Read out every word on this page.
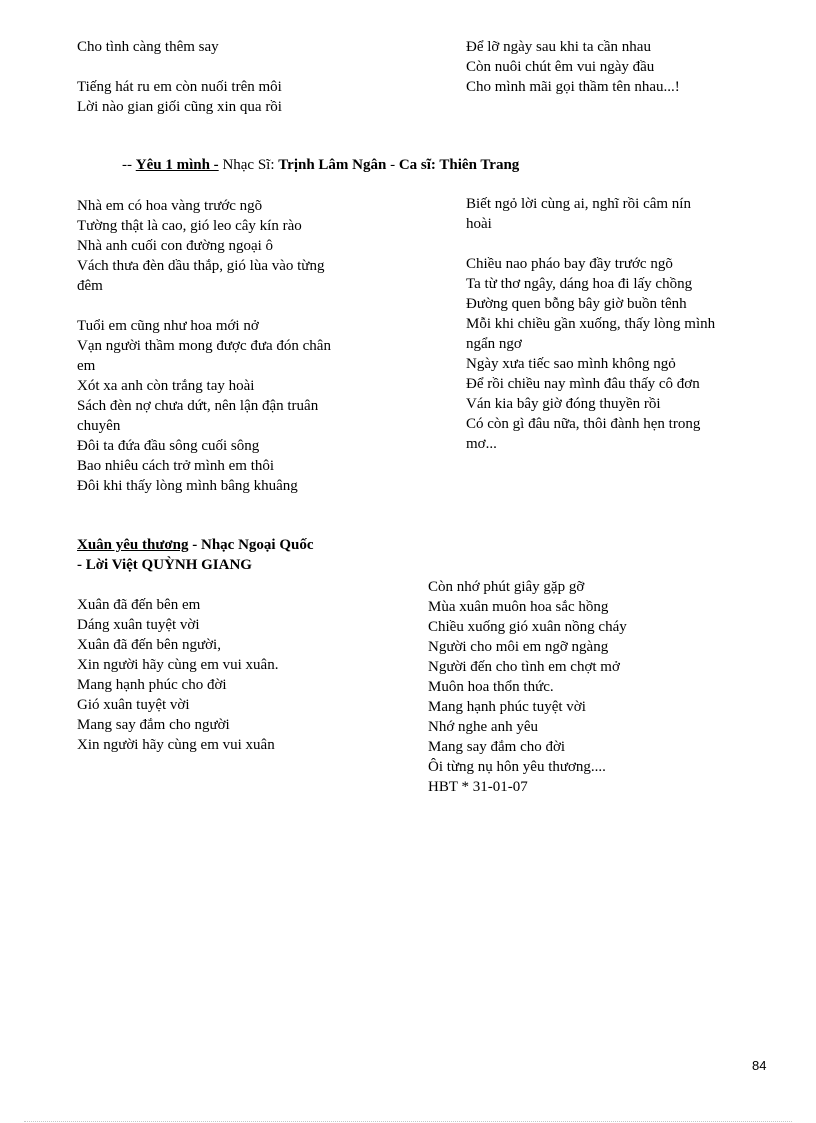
Cho tình càng thêm say

Tiếng hát ru em còn nuối trên môi
Lời nào gian giối cũng xin qua rồi
Để lỡ ngày sau khi ta cần nhau
Còn nuôi chút êm vui ngày đầu
Cho mình mãi gọi thầm tên nhau...!
-- Yêu 1 mình - Nhạc Sĩ: Trịnh Lâm Ngân - Ca sĩ: Thiên Trang
Nhà em có hoa vàng trước ngõ
Tường thật là cao, gió leo cây kín rào
Nhà anh cuối con đường ngoại ô
Vách thưa đèn dầu thắp, gió lùa vào từng
đêm

Tuổi em cũng như hoa mới nở
Vạn người thầm mong được đưa đón chân
em
Xót xa anh còn trắng tay hoài
Sách đèn nợ chưa dứt, nên lận đận truân
chuyên
Đôi ta đứa đầu sông cuối sông
Bao nhiêu cách trở mình em thôi
Đôi khi thấy lòng mình bâng khuâng
Biết ngỏ lời cùng ai, nghĩ rồi câm nín
hoài

Chiều nao pháo bay đầy trước ngõ
Ta từ thơ ngây, dáng hoa đi lấy chồng
Đường quen bỗng bây giờ buồn tênh
Mỗi khi chiều gần xuống, thấy lòng mình
ngẩn ngơ
Ngày xưa tiếc sao mình không ngỏ
Để rồi chiều nay mình đâu thấy cô đơn
Ván kia bây giờ đóng thuyền rồi
Có còn gì đâu nữa, thôi đành hẹn trong
mơ...
Xuân yêu thương - Nhạc Ngoại Quốc
- Lời Việt QUỲNH GIANG
Xuân đã đến bên em
Dáng xuân tuyệt vời
Xuân đã đến bên người,
Xin người hãy cùng em vui xuân.
Mang hạnh phúc cho đời
Gió xuân tuyệt vời
Mang say đắm cho người
Xin người hãy cùng em vui xuân
Còn nhớ phút giây gặp gỡ
Mùa xuân muôn hoa sắc hồng
Chiều xuống gió xuân nồng cháy
Người cho môi em ngỡ ngàng
Người đến cho tình em chợt mở
Muôn hoa thổn thức.
Mang hạnh phúc tuyệt vời
Nhớ nghe anh yêu
Mang say đắm cho đời
Ôi từng nụ hôn yêu thương....
HBT * 31-01-07
84
